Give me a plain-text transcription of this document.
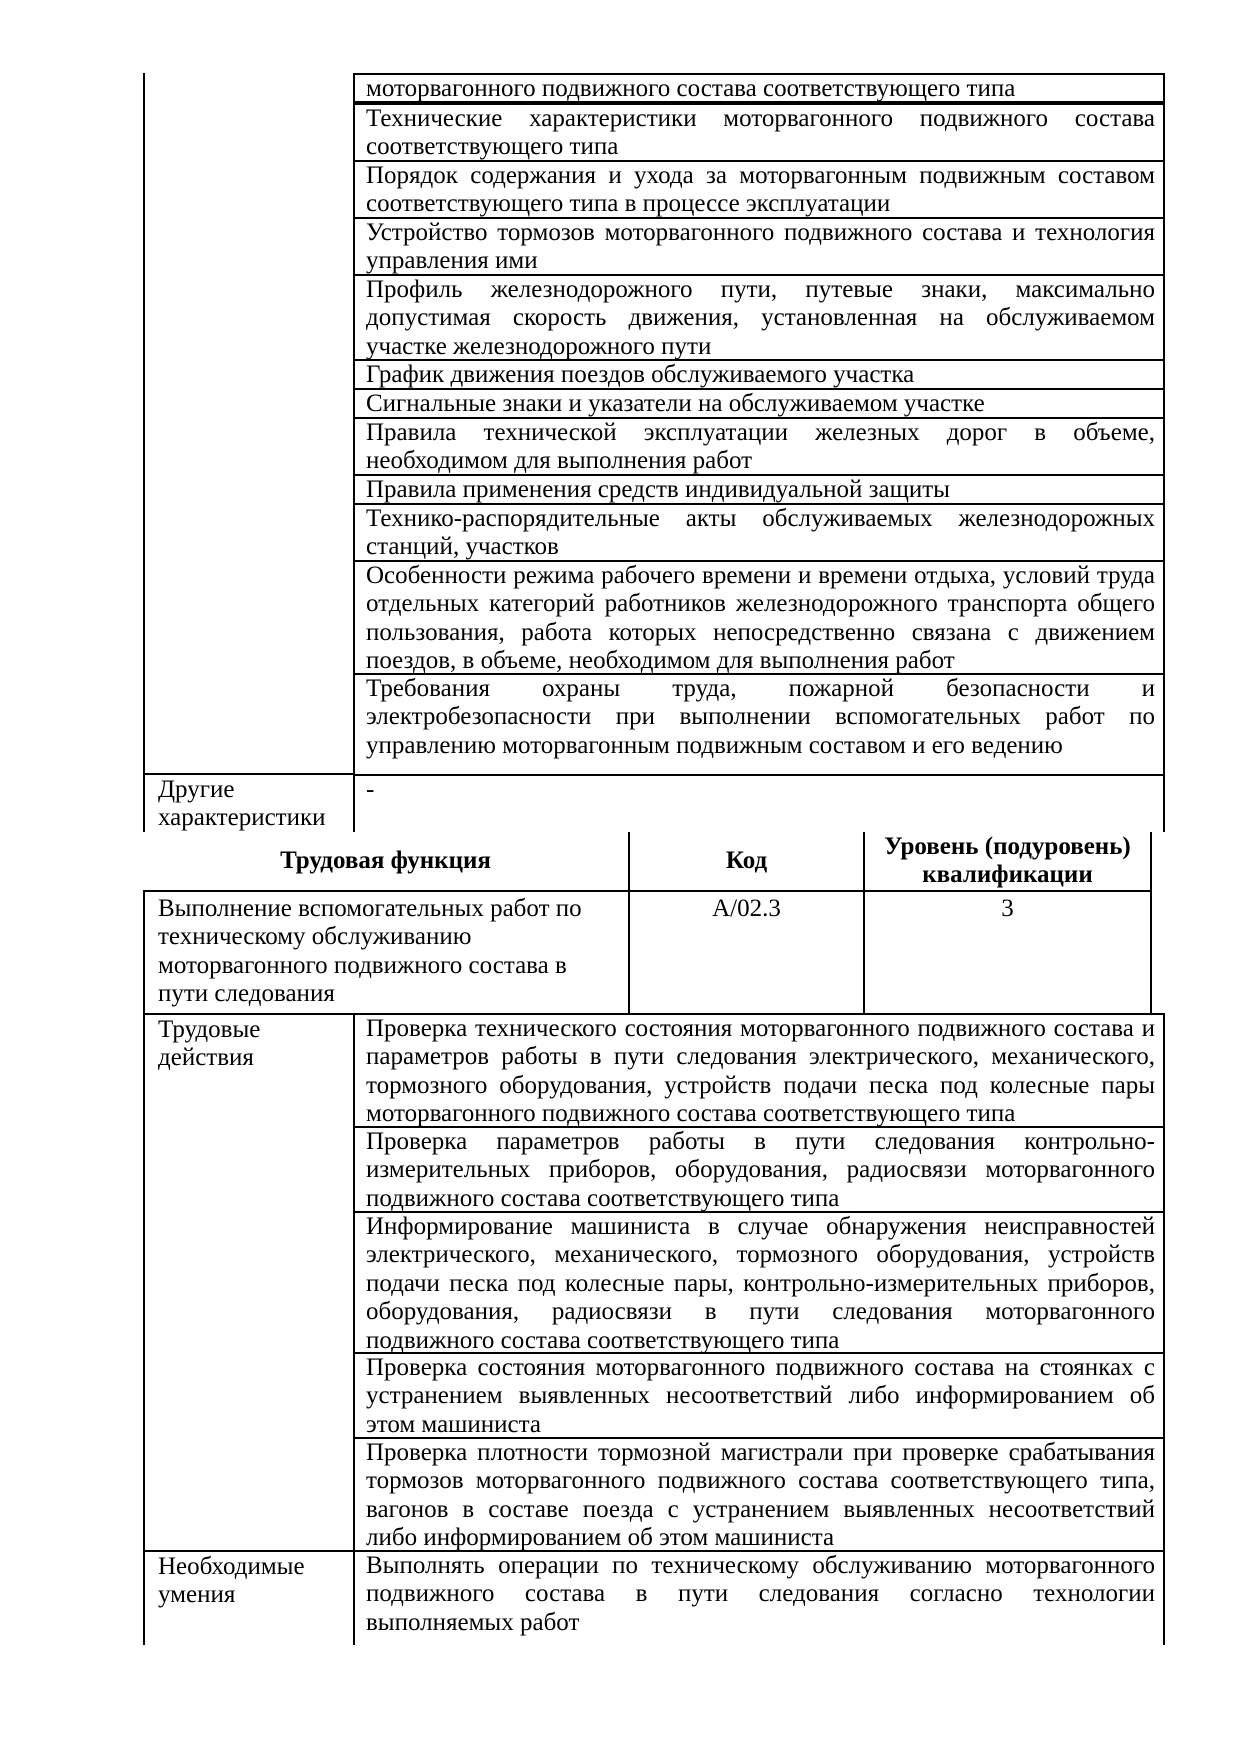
Другие характеристики
моторвагонного подвижного состава соответствующего типа
Технические характеристики моторвагонного подвижного состава соответствующего типа
Порядок содержания и ухода за моторвагонным подвижным составом соответствующего типа в процессе эксплуатации
Устройство тормозов моторвагонного подвижного состава и технология управления ими
Профиль железнодорожного пути, путевые знаки, максимально допустимая скорость движения, установленная на обслуживаемом участке железнодорожного пути
График движения поездов обслуживаемого участка
Сигнальные знаки и указатели на обслуживаемом участке
Правила технической эксплуатации железных дорог в объеме, необходимом для выполнения работ
Правила применения средств индивидуальной защиты
Технико-распорядительные акты обслуживаемых железнодорожных станций, участков
Особенности режима рабочего времени и времени отдыха, условий труда отдельных категорий работников железнодорожного транспорта общего пользования, работа которых непосредственно связана с движением поездов, в объеме, необходимом для выполнения работ
Требования охраны труда, пожарной безопасности и электробезопасности при выполнении вспомогательных работ по управлению моторвагонным подвижным составом и его ведению
-
Трудовая функция	Код
Уровень (подуровень) квалификации
Выполнение вспомогательных работ по техническому обслуживанию моторвагонного подвижного состава в пути следования
А/02.3	3
Трудовые действия
Необходимые умения
Проверка технического состояния моторвагонного подвижного состава и параметров работы в пути следования электрического, механического, тормозного оборудования, устройств подачи песка под колесные пары моторвагонного подвижного состава соответствующего типа
Проверка параметров работы в пути следования контрольно-измерительных приборов, оборудования, радиосвязи моторвагонного подвижного состава соответствующего типа
Информирование машиниста в случае обнаружения неисправностей электрического, механического, тормозного оборудования, устройств подачи песка под колесные пары, контрольно-измерительных приборов, оборудования, радиосвязи в пути следования моторвагонного подвижного состава соответствующего типа
Проверка состояния моторвагонного подвижного состава на стоянках с устранением выявленных несоответствий либо информированием об этом машиниста
Проверка плотности тормозной магистрали при проверке срабатывания тормозов моторвагонного подвижного состава соответствующего типа, вагонов в составе поезда с устранением выявленных несоответствий либо информированием об этом машиниста
Выполнять операции по техническому обслуживанию моторвагонного подвижного состава в пути следования согласно технологии выполняемых работ
